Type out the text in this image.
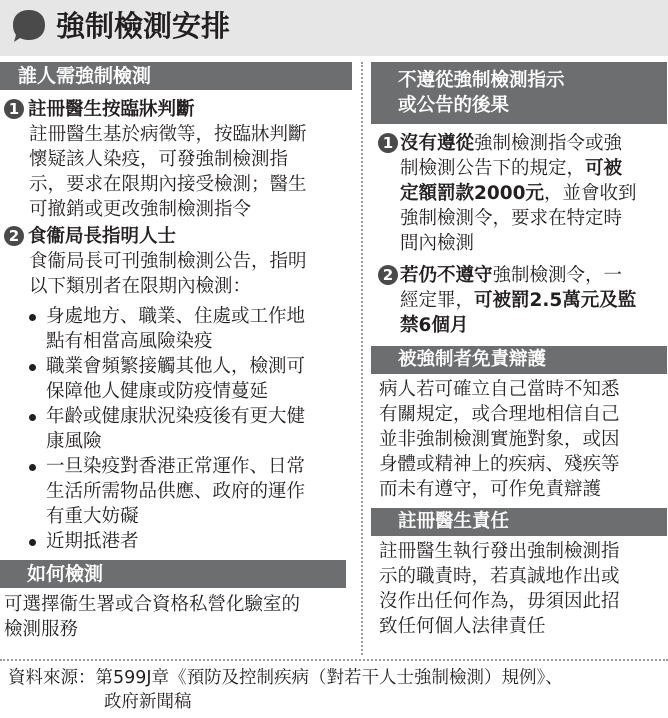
強制檢測安排
誰人需強制檢測
1 註冊醫生按臨牀判斷
註冊醫生基於病徵等，按臨牀判斷
懷疑該人染疫，可發強制檢測指
示，要求在限期內接受檢測；醫生
可撤銷或更改強制檢測指令
2 食衞局長指明人士
食衞局長可刊強制檢測公告，指明
以下類別者在限期內檢測：
身處地方、職業、住處或工作地
點有相當高風險染疫
職業會頻繁接觸其他人，檢測可
保障他人健康或防疫情蔓延
年齡或健康狀況染疫後有更大健
康風險
一旦染疫對香港正常運作、日常
生活所需物品供應、政府的運作
有重大妨礙
近期抵港者
如何檢測
可選擇衞生署或合資格私營化驗室的
檢測服務
不遵從強制檢測指示
或公告的後果
1 沒有遵從強制檢測指令或強
制檢測公告下的規定，可被
定額罰款2000元，並會收到
強制檢測令，要求在特定時
間內檢測
2 若仍不遵守強制檢測令，一
經定罪，可被罰2.5萬元及監
禁6個月
被強制者免責辯護
病人若可確立自己當時不知悉
有關規定，或合理地相信自己
並非強制檢測實施對象，或因
身體或精神上的疾病、殘疾等
而未有遵守，可作免責辯護
註冊醫生責任
註冊醫生執行發出強制檢測指
示的職責時，若真誠地作出或
沒作出任何作為，毋須因此招
致任何個人法律責任
資料來源：第599J章《預防及控制疾病（對若干人士強制檢測）規例》、
政府新聞稿
